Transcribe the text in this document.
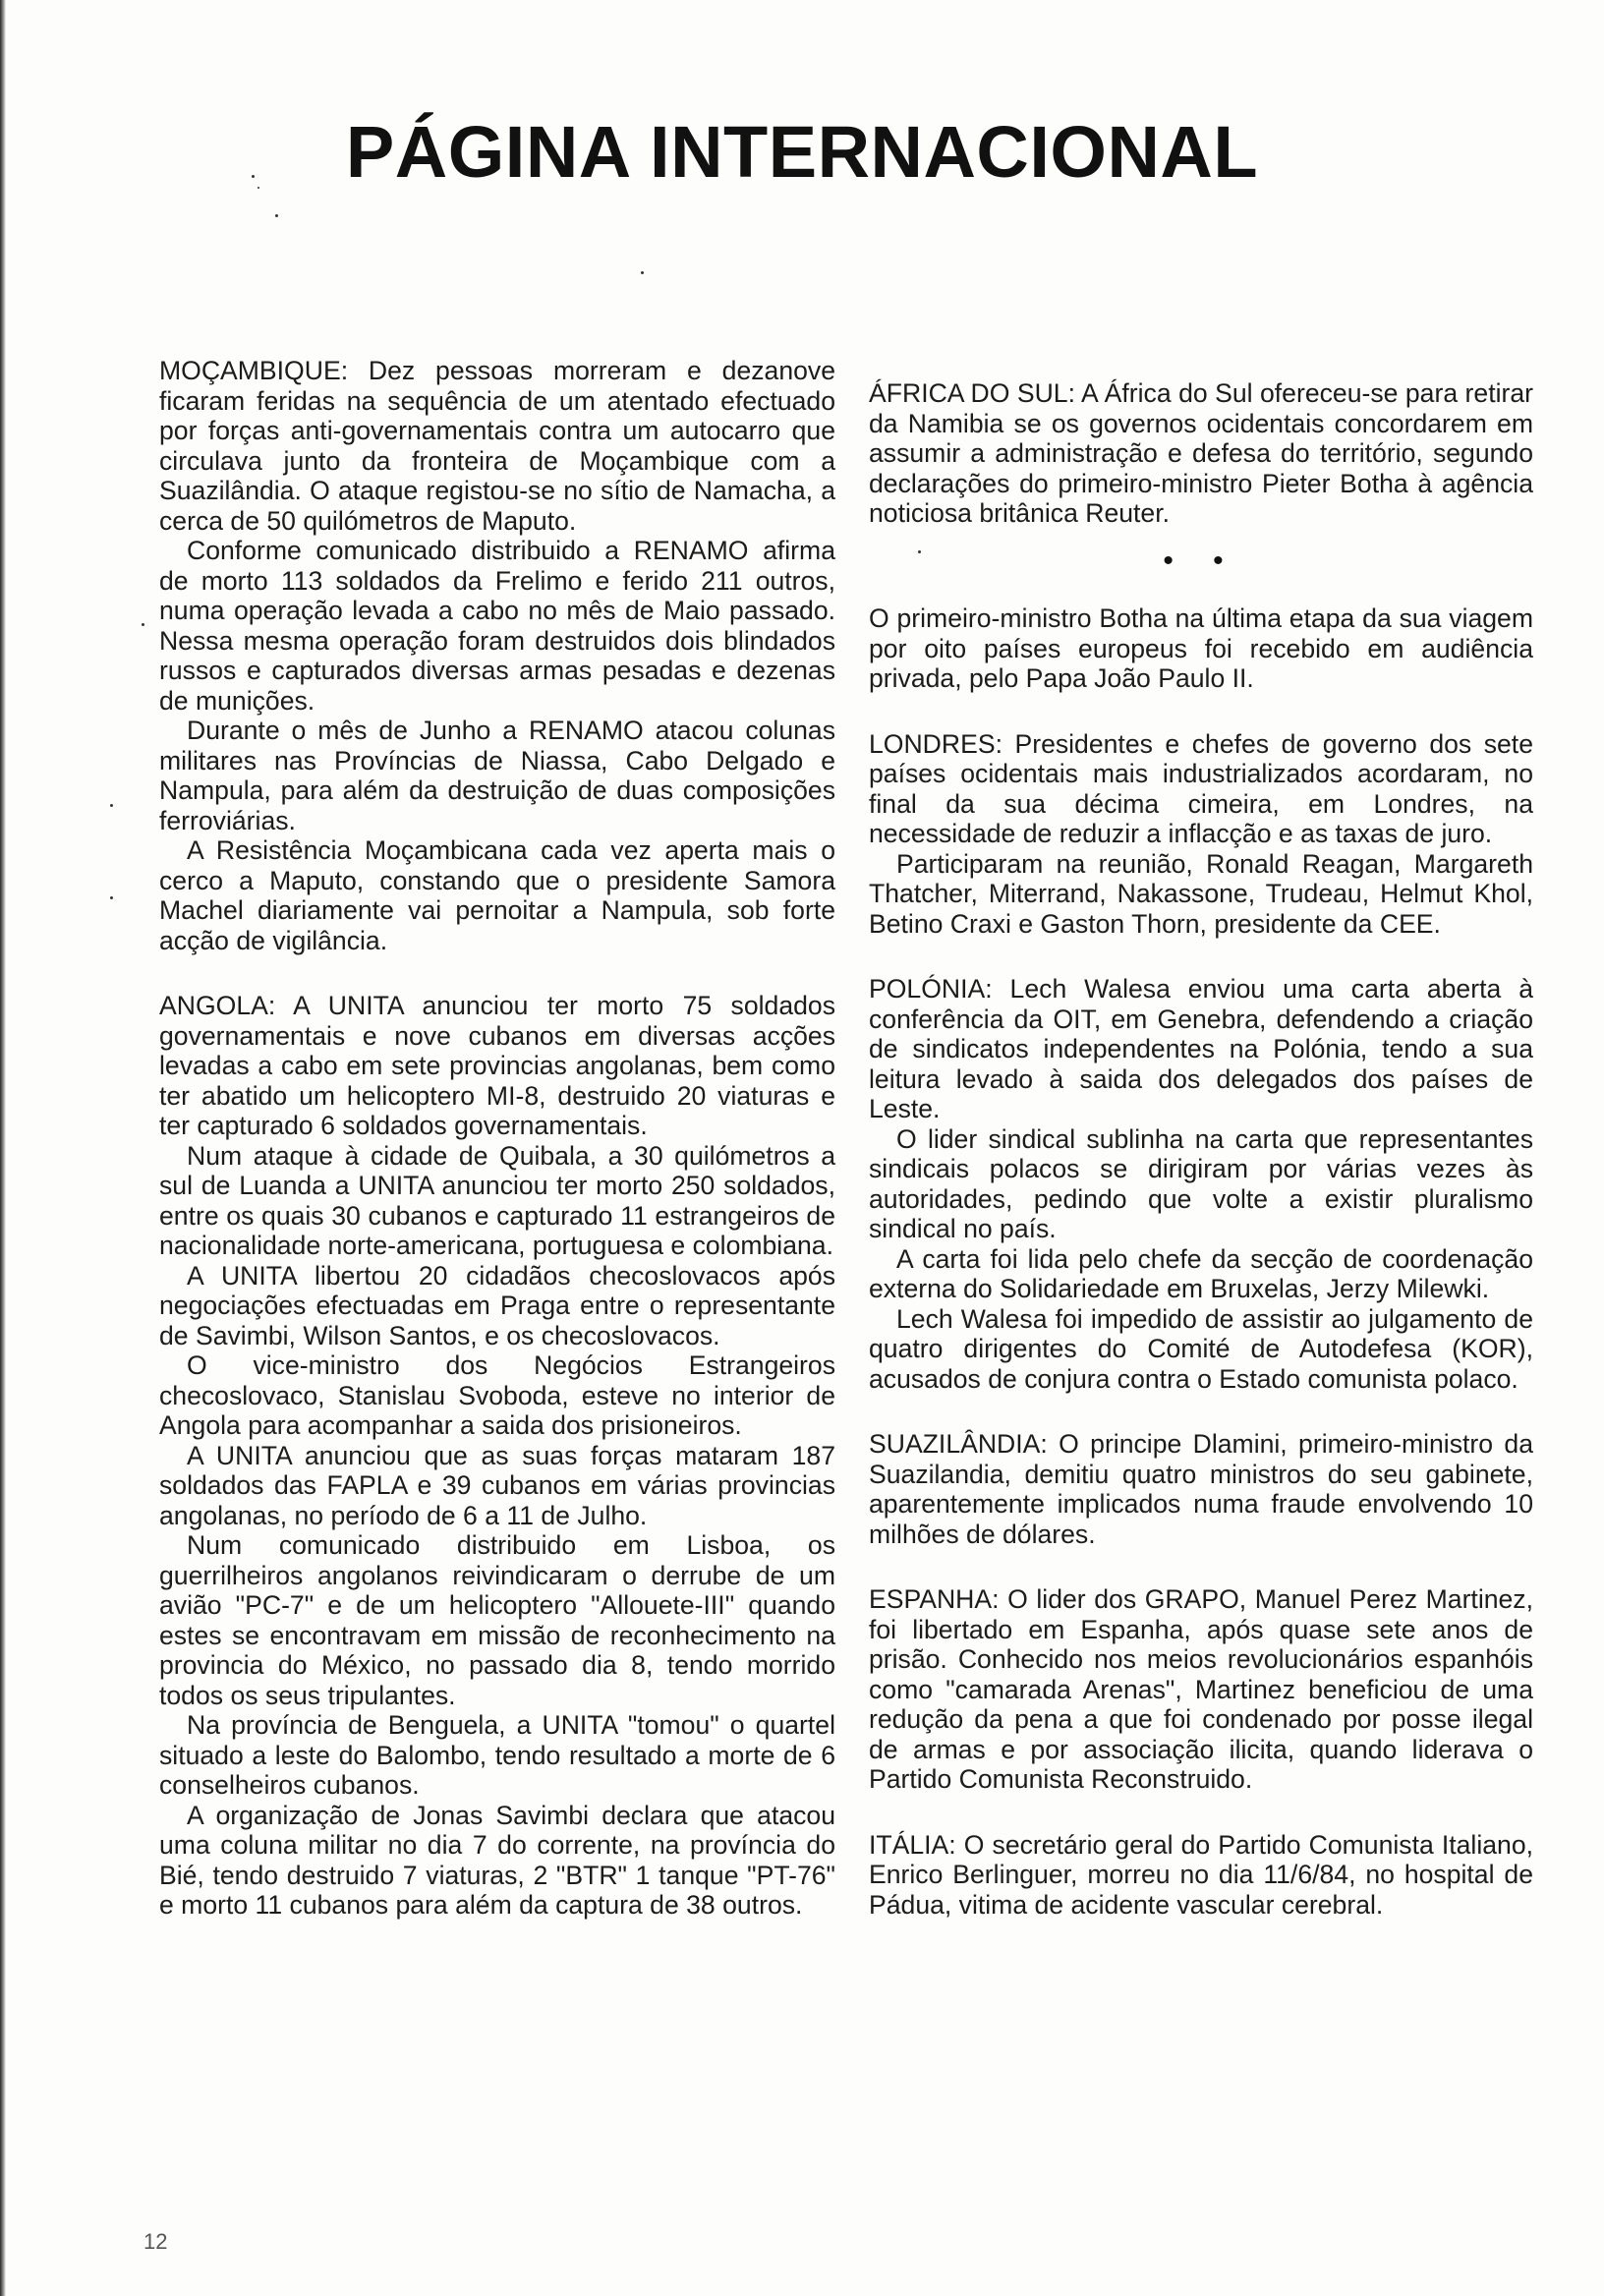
PÁGINA INTERNACIONAL

MOÇAMBIQUE: Dez pessoas morreram e dezanove ficaram feridas na sequência de um atentado efectuado por forças anti-governamentais contra um autocarro que circulava junto da fronteira de Moçambique com a Suazilândia. O ataque registou-se no sítio de Namacha, a cerca de 50 quilómetros de Maputo.

Conforme comunicado distribuido a RENAMO afirma de morto 113 soldados da Frelimo e ferido 211 outros, numa operação levada a cabo no mês de Maio passado. Nessa mesma operação foram destruidos dois blindados russos e capturados diversas armas pesadas e dezenas de munições.

Durante o mês de Junho a RENAMO atacou colunas militares nas Províncias de Niassa, Cabo Delgado e Nampula, para além da destruição de duas composições ferroviárias.

A Resistência Moçambicana cada vez aperta mais o cerco a Maputo, constando que o presidente Samora Machel diariamente vai pernoitar a Nampula, sob forte acção de vigilância.

ANGOLA: A UNITA anunciou ter morto 75 soldados governamentais e nove cubanos em diversas acções levadas a cabo em sete provincias angolanas, bem como ter abatido um helicoptero MI-8, destruido 20 viaturas e ter capturado 6 soldados governamentais.

Num ataque à cidade de Quibala, a 30 quilómetros a sul de Luanda a UNITA anunciou ter morto 250 soldados, entre os quais 30 cubanos e capturado 11 estrangeiros de nacionalidade norte-americana, portuguesa e colombiana.

A UNITA libertou 20 cidadãos checoslovacos após negociações efectuadas em Praga entre o representante de Savimbi, Wilson Santos, e os checoslovacos.

O vice-ministro dos Negócios Estrangeiros checoslovaco, Stanislau Svoboda, esteve no interior de Angola para acompanhar a saida dos prisioneiros.

A UNITA anunciou que as suas forças mataram 187 soldados das FAPLA e 39 cubanos em várias provincias angolanas, no período de 6 a 11 de Julho.

Num comunicado distribuido em Lisboa, os guerrilheiros angolanos reivindicaram o derrube de um avião "PC-7" e de um helicoptero "Allouete-III" quando estes se encontravam em missão de reconhecimento na provincia do México, no passado dia 8, tendo morrido todos os seus tripulantes.

Na província de Benguela, a UNITA "tomou" o quartel situado a leste do Balombo, tendo resultado a morte de 6 conselheiros cubanos.

A organização de Jonas Savimbi declara que atacou uma coluna militar no dia 7 do corrente, na província do Bié, tendo destruido 7 viaturas, 2 "BTR" 1 tanque "PT-76" e morto 11 cubanos para além da captura de 38 outros.

ÁFRICA DO SUL: A África do Sul ofereceu-se para retirar da Namibia se os governos ocidentais concordarem em assumir a administração e defesa do território, segundo declarações do primeiro-ministro Pieter Botha à agência noticiosa britânica Reuter.

• •

O primeiro-ministro Botha na última etapa da sua viagem por oito países europeus foi recebido em audiência privada, pelo Papa João Paulo II.

LONDRES: Presidentes e chefes de governo dos sete países ocidentais mais industrializados acordaram, no final da sua décima cimeira, em Londres, na necessidade de reduzir a inflacção e as taxas de juro.

Participaram na reunião, Ronald Reagan, Margareth Thatcher, Miterrand, Nakassone, Trudeau, Helmut Khol, Betino Craxi e Gaston Thorn, presidente da CEE.

POLÓNIA: Lech Walesa enviou uma carta aberta à conferência da OIT, em Genebra, defendendo a criação de sindicatos independentes na Polónia, tendo a sua leitura levado à saida dos delegados dos países de Leste.

O lider sindical sublinha na carta que representantes sindicais polacos se dirigiram por várias vezes às autoridades, pedindo que volte a existir pluralismo sindical no país.

A carta foi lida pelo chefe da secção de coordenação externa do Solidariedade em Bruxelas, Jerzy Milewki.

Lech Walesa foi impedido de assistir ao julgamento de quatro dirigentes do Comité de Autodefesa (KOR), acusados de conjura contra o Estado comunista polaco.

SUAZILÂNDIA: O principe Dlamini, primeiro-ministro da Suazilandia, demitiu quatro ministros do seu gabinete, aparentemente implicados numa fraude envolvendo 10 milhões de dólares.

ESPANHA: O lider dos GRAPO, Manuel Perez Martinez, foi libertado em Espanha, após quase sete anos de prisão. Conhecido nos meios revolucionários espanhóis como "camarada Arenas", Martinez beneficiou de uma redução da pena a que foi condenado por posse ilegal de armas e por associação ilicita, quando liderava o Partido Comunista Reconstruido.

ITÁLIA: O secretário geral do Partido Comunista Italiano, Enrico Berlinguer, morreu no dia 11/6/84, no hospital de Pádua, vitima de acidente vascular cerebral.

12
